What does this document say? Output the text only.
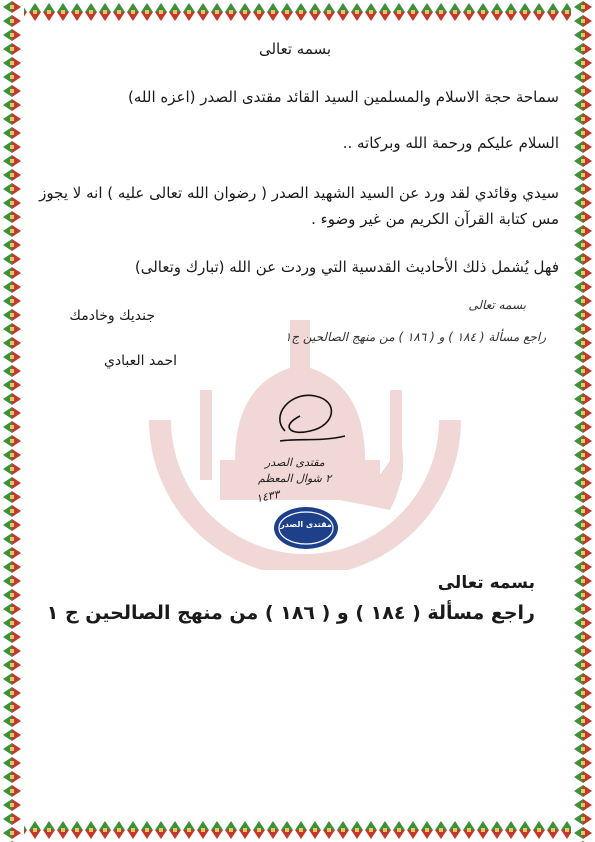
بسمه تعالى
سماحة حجة الاسلام والمسلمين السيد القائد مقتدى الصدر (اعزه الله)
السلام عليكم ورحمة الله وبركاته ..
سيدي وقائدي لقد ورد عن السيد الشهيد الصدر ( رضوان الله تعالى عليه ) انه لا يجوز مس كتابة القرآن الكريم من غير وضوء .
فهل يُشمل ذلك الأحاديث القدسية التي وردت عن الله (تبارك وتعالى)
جنديك وخادمك
احمد العبادي
بسمه تعالى
راجع مسألة ( ١٨٤ ) و ( ١٨٦ ) من منهج الصالحين ج١
مقتدى الصدر
٢ شوال المعظم
١٤٣٣
مقتدى الصدر
بسمه تعالى
راجع مسألة ( ١٨٤ ) و ( ١٨٦ ) من منهج الصالحين ج ١
